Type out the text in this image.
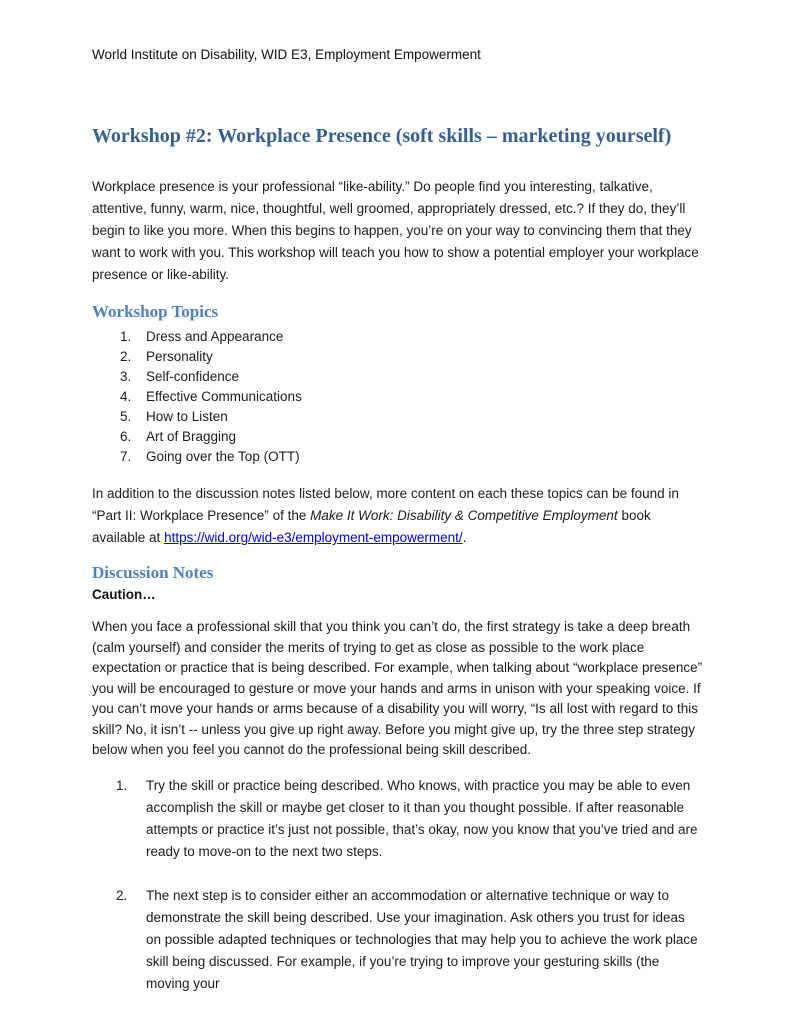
World Institute on Disability, WID E3, Employment Empowerment
Workshop #2: Workplace Presence (soft skills – marketing yourself)

Workplace presence is your professional “like-ability.” Do people find you interesting, talkative, attentive, funny, warm, nice, thoughtful, well groomed, appropriately dressed, etc.? If they do, they’ll begin to like you more. When this begins to happen, you’re on your way to convincing them that they want to work with you. This workshop will teach you how to show a potential employer your workplace presence or like-ability.

Workshop Topics
1.	Dress and Appearance
2.	Personality
3.	Self-confidence
4.	Effective Communications
5.	How to Listen
6.	Art of Bragging
7.	Going over the Top (OTT)

In addition to the discussion notes listed below, more content on each these topics can be found in “Part II: Workplace Presence” of the Make It Work: Disability & Competitive Employment book available at https://wid.org/wid-e3/employment-empowerment/.

Discussion Notes
Caution…

When you face a professional skill that you think you can’t do, the first strategy is take a deep breath (calm yourself) and consider the merits of trying to get as close as possible to the work place expectation or practice that is being described. For example, when talking about “workplace presence” you will be encouraged to gesture or move your hands and arms in unison with your speaking voice. If you can’t move your hands or arms because of a disability you will worry, “Is all lost with regard to this skill? No, it isn’t -- unless you give up right away. Before you might give up, try the three step strategy below when you feel you cannot do the professional being skill described.

1.	Try the skill or practice being described. Who knows, with practice you may be able to even accomplish the skill or maybe get closer to it than you thought possible. If after reasonable attempts or practice it’s just not possible, that’s okay, now you know that you’ve tried and are ready to move-on to the next two steps.
2.	The next step is to consider either an accommodation or alternative technique or way to demonstrate the skill being described. Use your imagination. Ask others you trust for ideas on possible adapted techniques or technologies that may help you to achieve the work place skill being discussed. For example, if you’re trying to improve your gesturing skills (the moving your
